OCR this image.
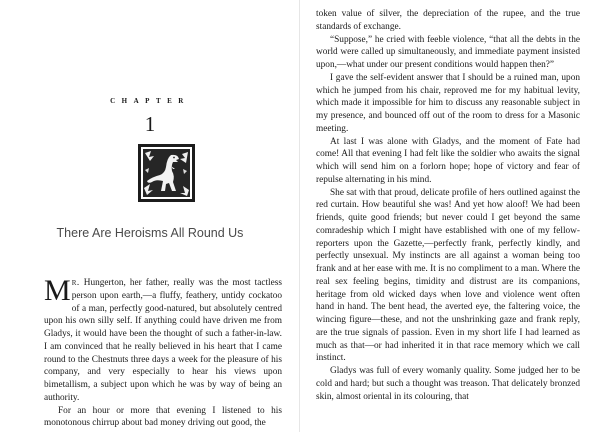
CHAPTER
1
There Are Heroisms All Round Us

Mr. Hungerton, her father, really was the most tactless person upon earth,—a fluffy, feathery, untidy cockatoo of a man, perfectly good-natured, but absolutely centred upon his own silly self. If anything could have driven me from Gladys, it would have been the thought of such a father-in-law. I am convinced that he really believed in his heart that I came round to the Chestnuts three days a week for the pleasure of his company, and very especially to hear his views upon bimetallism, a subject upon which he was by way of being an authority.

For an hour or more that evening I listened to his monotonous chirrup about bad money driving out good, the

token value of silver, the depreciation of the rupee, and the true standards of exchange.

“Suppose,” he cried with feeble violence, “that all the debts in the world were called up simultaneously, and immediate payment insisted upon,—what under our present conditions would happen then?”

I gave the self-evident answer that I should be a ruined man, upon which he jumped from his chair, reproved me for my habitual levity, which made it impossible for him to discuss any reasonable subject in my presence, and bounced off out of the room to dress for a Masonic meeting.

At last I was alone with Gladys, and the moment of Fate had come! All that evening I had felt like the soldier who awaits the signal which will send him on a forlorn hope; hope of victory and fear of repulse alternating in his mind.

She sat with that proud, delicate profile of hers outlined against the red curtain. How beautiful she was! And yet how aloof! We had been friends, quite good friends; but never could I get beyond the same comradeship which I might have established with one of my fellow-reporters upon the Gazette,—perfectly frank, perfectly kindly, and perfectly unsexual. My instincts are all against a woman being too frank and at her ease with me. It is no compliment to a man. Where the real sex feeling begins, timidity and distrust are its companions, heritage from old wicked days when love and violence went often hand in hand. The bent head, the averted eye, the faltering voice, the wincing figure—these, and not the unshrinking gaze and frank reply, are the true signals of passion. Even in my short life I had learned as much as that—or had inherited it in that race memory which we call instinct.

Gladys was full of every womanly quality. Some judged her to be cold and hard; but such a thought was treason. That delicately bronzed skin, almost oriental in its colouring, that
